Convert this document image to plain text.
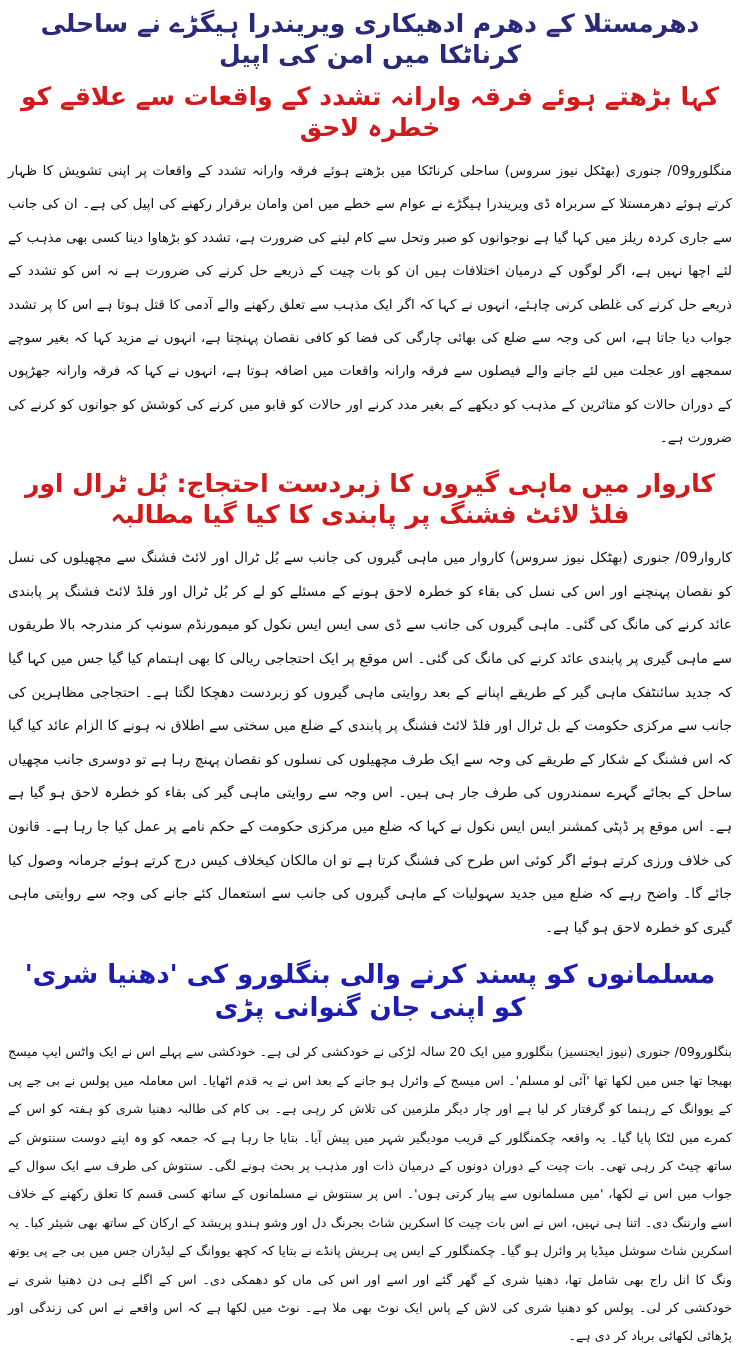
دھرمستلا کے دھرم ادھیکاری ویریندرا ہیگڑے نے ساحلی کرناٹکا میں امن کی اپیل
کہا بڑھتے ہوئے فرقہ وارانہ تشدد کے واقعات سے علاقے کو خطرہ لاحق

منگلورو09/ جنوری (بھٹکل نیوز سروس) ساحلی کرناٹکا میں بڑھتے ہوئے فرقہ وارانہ تشدد کے واقعات پر اپنی تشویش کا ظہار کرتے ہوئے دھرمستلا کے سربراہ ڈی ویریندرا ہیگڑے نے عوام سے خطے میں امن وامان برقرار رکھنے کی اپیل کی ہے۔ ان کی جانب سے جاری کردہ ریلز میں کہا گیا ہے نوجوانوں کو صبر وتحل سے کام لینے کی ضرورت ہے، تشدد کو بڑھاوا دینا کسی بھی مذہب کے لئے اچھا نہیں ہے، اگر لوگوں کے درمیان اختلافات ہیں ان کو بات چیت کے ذریعے حل کرنے کی ضرورت ہے نہ اس کو تشدد کے ذریعے حل کرنے کی غلطی کرنی چاہئے، انہوں نے کہا کہ اگر ایک مذہب سے تعلق رکھنے والے آدمی کا قتل ہوتا ہے اس کا پر تشدد جواب دیا جاتا ہے، اس کی وجہ سے ضلع کی بھائی چارگی کی فضا کو کافی نقصان پہنچتا ہے، انہوں نے مزید کہا کہ بغیر سوچے سمجھے اور عجلت میں لئے جانے والے فیصلوں سے فرقہ وارانہ واقعات میں اضافہ ہوتا ہے، انہوں نے کہا کہ فرقہ وارانہ جھڑپوں کے دوران حالات کو متاثرین کے مذہب کو دیکھے کے بغیر مدد کرنے اور حالات کو قابو میں کرنے کی کوشش کو جوانوں کو کرنے کی ضرورت ہے۔

کاروار میں ماہی گیروں کا زبردست احتجاج: بُل ٹرال اور فلڈ لائٹ فشنگ پر پابندی کا کیا گیا مطالبہ

کاروار09/ جنوری (بھٹکل نیوز سروس) کاروار میں ماہی گیروں کی جانب سے بُل ٹرال اور لائٹ فشنگ سے مچھیلوں کی نسل کو نقصان پہنچنے اور اس کی نسل کی بقاء کو خطرہ لاحق ہونے کے مسئلے کو لے کر بُل ٹرال اور فلڈ لائٹ فشنگ پر پابندی عائد کرنے کی مانگ کی گئی۔ ماہی گیروں کی جانب سے ڈی سی ایس ایس نکول کو میمورنڈم سونپ کر مندرجہ بالا طریقوں سے ماہی گیری پر پابندی عائد کرنے کی مانگ کی گئی۔ اس موقع پر ایک احتجاجی ریالی کا بھی اہتمام کیا گیا جس میں کہا گیا کہ جدید سائنٹفک ماہی گیر کے طریقے اپنانے کے بعد روایتی ماہی گیروں کو زبردست دھچکا لگتا ہے۔ احتجاجی مظاہرین کی جانب سے مرکزی حکومت کے بل ٹرال اور فلڈ لائٹ فشنگ پر پابندی کے ضلع میں سختی سے اطلاق نہ ہونے کا الزام عائد کیا گیا کہ اس فشنگ کے شکار کے طریقے کی وجہ سے ایک طرف مچھیلوں کی نسلوں کو نقصان پہنچ رہا ہے تو دوسری جانب مچھیاں ساحل کے بجائے گہرے سمندروں کی طرف جار ہی ہیں۔ اس وجہ سے روایتی ماہی گیر کی بقاء کو خطرہ لاحق ہو گیا ہے ہے۔ اس موقع پر ڈپٹی کمشنر ایس ایس نکول نے کہا کہ ضلع میں مرکزی حکومت کے حکم نامے پر عمل کیا جا رہا ہے۔ قانون کی خلاف ورزی کرتے ہوئے اگر کوئی اس طرح کی فشنگ کرتا ہے تو ان مالکان کیخلاف کیس درج کرتے ہوئے جرمانہ وصول کیا جائے گا۔ واضح رہے کہ ضلع میں جدید سہولیات کے ماہی گیروں کی جانب سے استعمال کئے جانے کی وجہ سے روایتی ماہی گیری کو خطرہ لاحق ہو گیا ہے۔

مسلمانوں کو پسند کرنے والی بنگلورو کی 'دھنیا شری' کو اپنی جان گنوانی پڑی

بنگلورو09/ جنوری (نیوز ایجنسیز) بنگلورو میں ایک 20 سالہ لڑکی نے خودکشی کر لی ہے۔ خودکشی سے پہلے اس نے ایک واٹس ایپ میسج بھیجا تھا جس میں لکھا تھا 'آئی لو مسلم'۔ اس میسج کے وائرل ہو جانے کے بعد اس نے یہ قدم اٹھایا۔ اس معاملہ میں پولس نے بی جے پی کے یووانگ کے رہنما کو گرفتار کر لیا ہے اور چار دیگر ملزمین کی تلاش کر رہی ہے۔ بی کام کی طالبہ دھنیا شری کو ہفتہ کو اس کے کمرے میں لٹکا پایا گیا۔ یہ واقعہ چکمنگلور کے قریب مودیگیر شہر میں پیش آیا۔ بتایا جا رہا ہے کہ جمعہ کو وہ اپنے دوست سنتوش کے ساتھ چیٹ کر رہی تھی۔ بات چیت کے دوران دونوں کے درمیان ذات اور مذہب پر بحث ہونے لگی۔ سنتوش کی طرف سے ایک سوال کے جواب میں اس نے لکھا، 'میں مسلمانوں سے پیار کرتی ہوں'۔ اس پر سنتوش نے مسلمانوں کے ساتھ کسی قسم کا تعلق رکھنے کے خلاف اسے وارننگ دی۔ اتنا ہی نہیں، اس نے اس بات چیت کا اسکرین شاٹ بجرنگ دل اور وشو ہندو پریشد کے ارکان کے ساتھ بھی شیئر کیا۔ یہ اسکرین شاٹ سوشل میڈیا پر وائرل ہو گیا۔ چکمنگلور کے ایس پی ہریش پانڈے نے بتایا کہ کچھ یووانگ کے لیڈران جس میں بی جے پی یوتھ ونگ کا انل راج بھی شامل تھا، دھنیا شری کے گھر گئے اور اسے اور اس کی ماں کو دھمکی دی۔ اس کے اگلے ہی دن دھنیا شری نے خودکشی کر لی۔ پولس کو دھنیا شری کی لاش کے پاس ایک نوٹ بھی ملا ہے۔ نوٹ میں لکھا ہے کہ اس واقعے نے اس کی زندگی اور پڑھائی لکھائی برباد کر دی ہے۔
